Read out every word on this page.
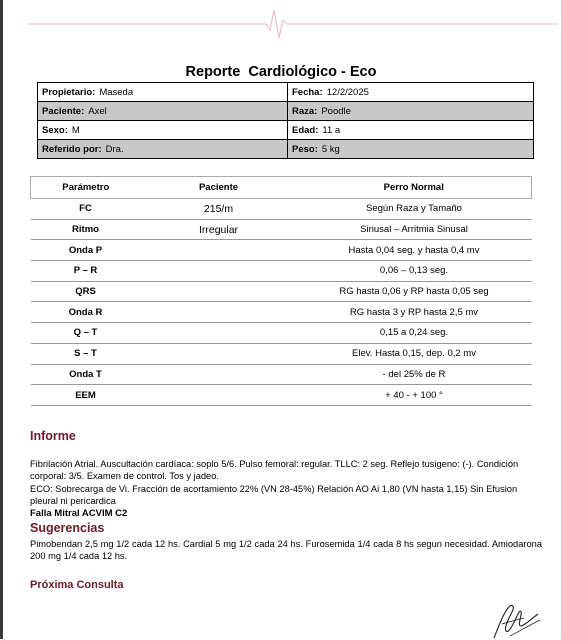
Reporte  Cardiológico - Eco
Propietario: Maseda	Fecha: 12/2/2025
Paciente: Axel	Raza: Poodle
Sexo: M	Edad: 11 a
Referido por: Dra.	Peso: 5 kg
Parámetro	Paciente	Perro Normal
FC	215/m	Según Raza y Tamaño
Ritmo	Irregular	Sinusal – Arritmia Sinusal
Onda P		Hasta 0,04 seg. y hasta 0,4 mv
P – R		0,06 – 0,13 seg.
QRS		RG hasta 0,06 y RP hasta 0,05 seg
Onda R		RG hasta 3 y RP hasta 2,5 mv
Q – T		0,15 a 0,24 seg.
S – T		Elev. Hasta 0,15, dep. 0,2 mv
Onda T		- del 25% de R
EEM		+ 40 - + 100 °
Informe
Fibrilación Atrial. Auscultación cardíaca: soplo 5/6. Pulso femoral: regular. TLLC: 2 seg. Reflejo tusigeno: (-). Condición corporal: 3/5. Examen de control. Tos y jadeo.
ECO: Sobrecarga de Vi. Fracción de acortamiento 22% (VN 28-45%) Relación AO Ai 1,80 (VN hasta 1,15) Sin Efusion pleural ni pericardica
Falla Mitral ACVIM C2
Sugerencias
Pimobendan 2,5 mg 1/2 cada 12 hs. Cardial 5 mg 1/2 cada 24 hs. Furosemida 1/4 cada 8 hs segun necesidad. Amiodarona 200 mg 1/4 cada 12 hs.
Próxima Consulta
